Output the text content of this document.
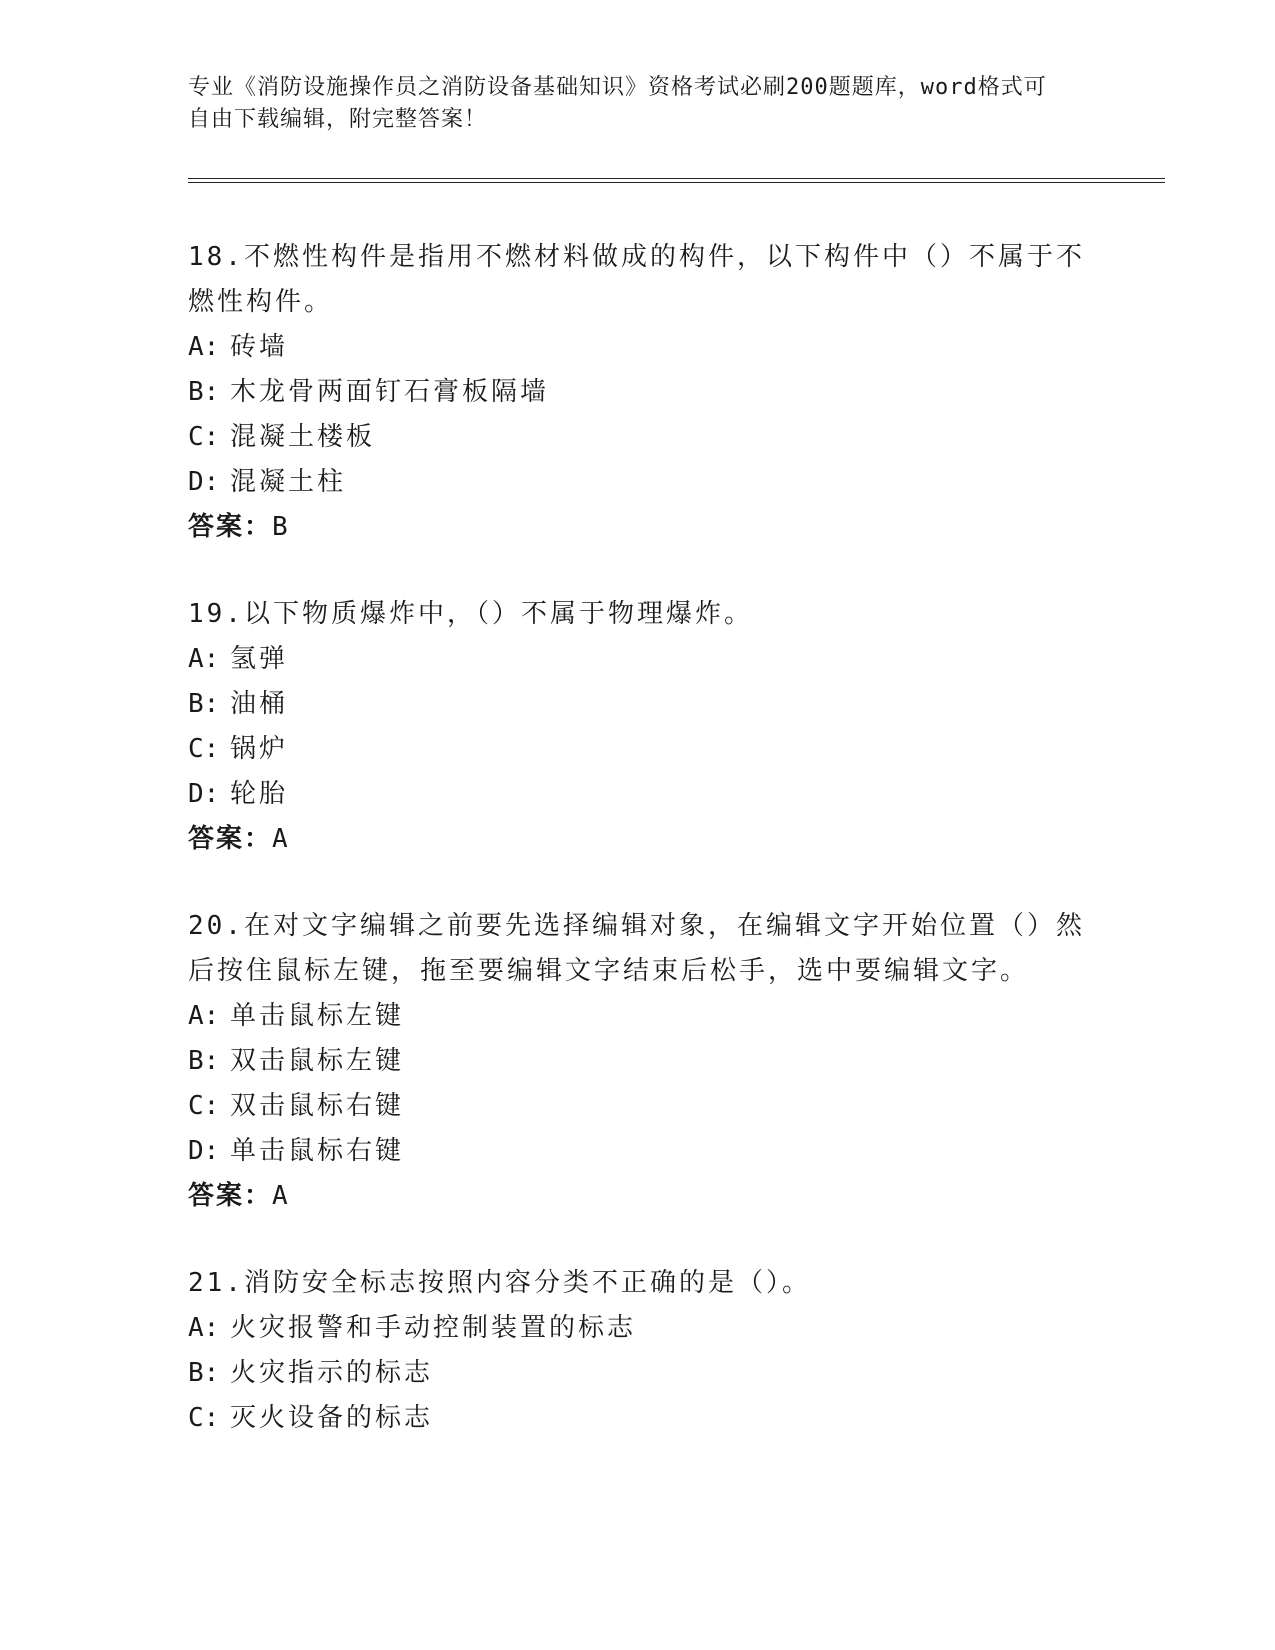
专业《消防设施操作员之消防设备基础知识》资格考试必刷200题题库，word格式可自由下载编辑，附完整答案！
18.不燃性构件是指用不燃材料做成的构件，以下构件中（）不属于不燃性构件。
A: 砖墙
B: 木龙骨两面钉石膏板隔墙
C: 混凝土楼板
D: 混凝土柱
答案：B
19.以下物质爆炸中，（）不属于物理爆炸。
A: 氢弹
B: 油桶
C: 锅炉
D: 轮胎
答案：A
20.在对文字编辑之前要先选择编辑对象，在编辑文字开始位置（）然后按住鼠标左键，拖至要编辑文字结束后松手，选中要编辑文字。
A: 单击鼠标左键
B: 双击鼠标左键
C: 双击鼠标右键
D: 单击鼠标右键
答案：A
21.消防安全标志按照内容分类不正确的是（）。
A: 火灾报警和手动控制装置的标志
B: 火灾指示的标志
C: 灭火设备的标志
